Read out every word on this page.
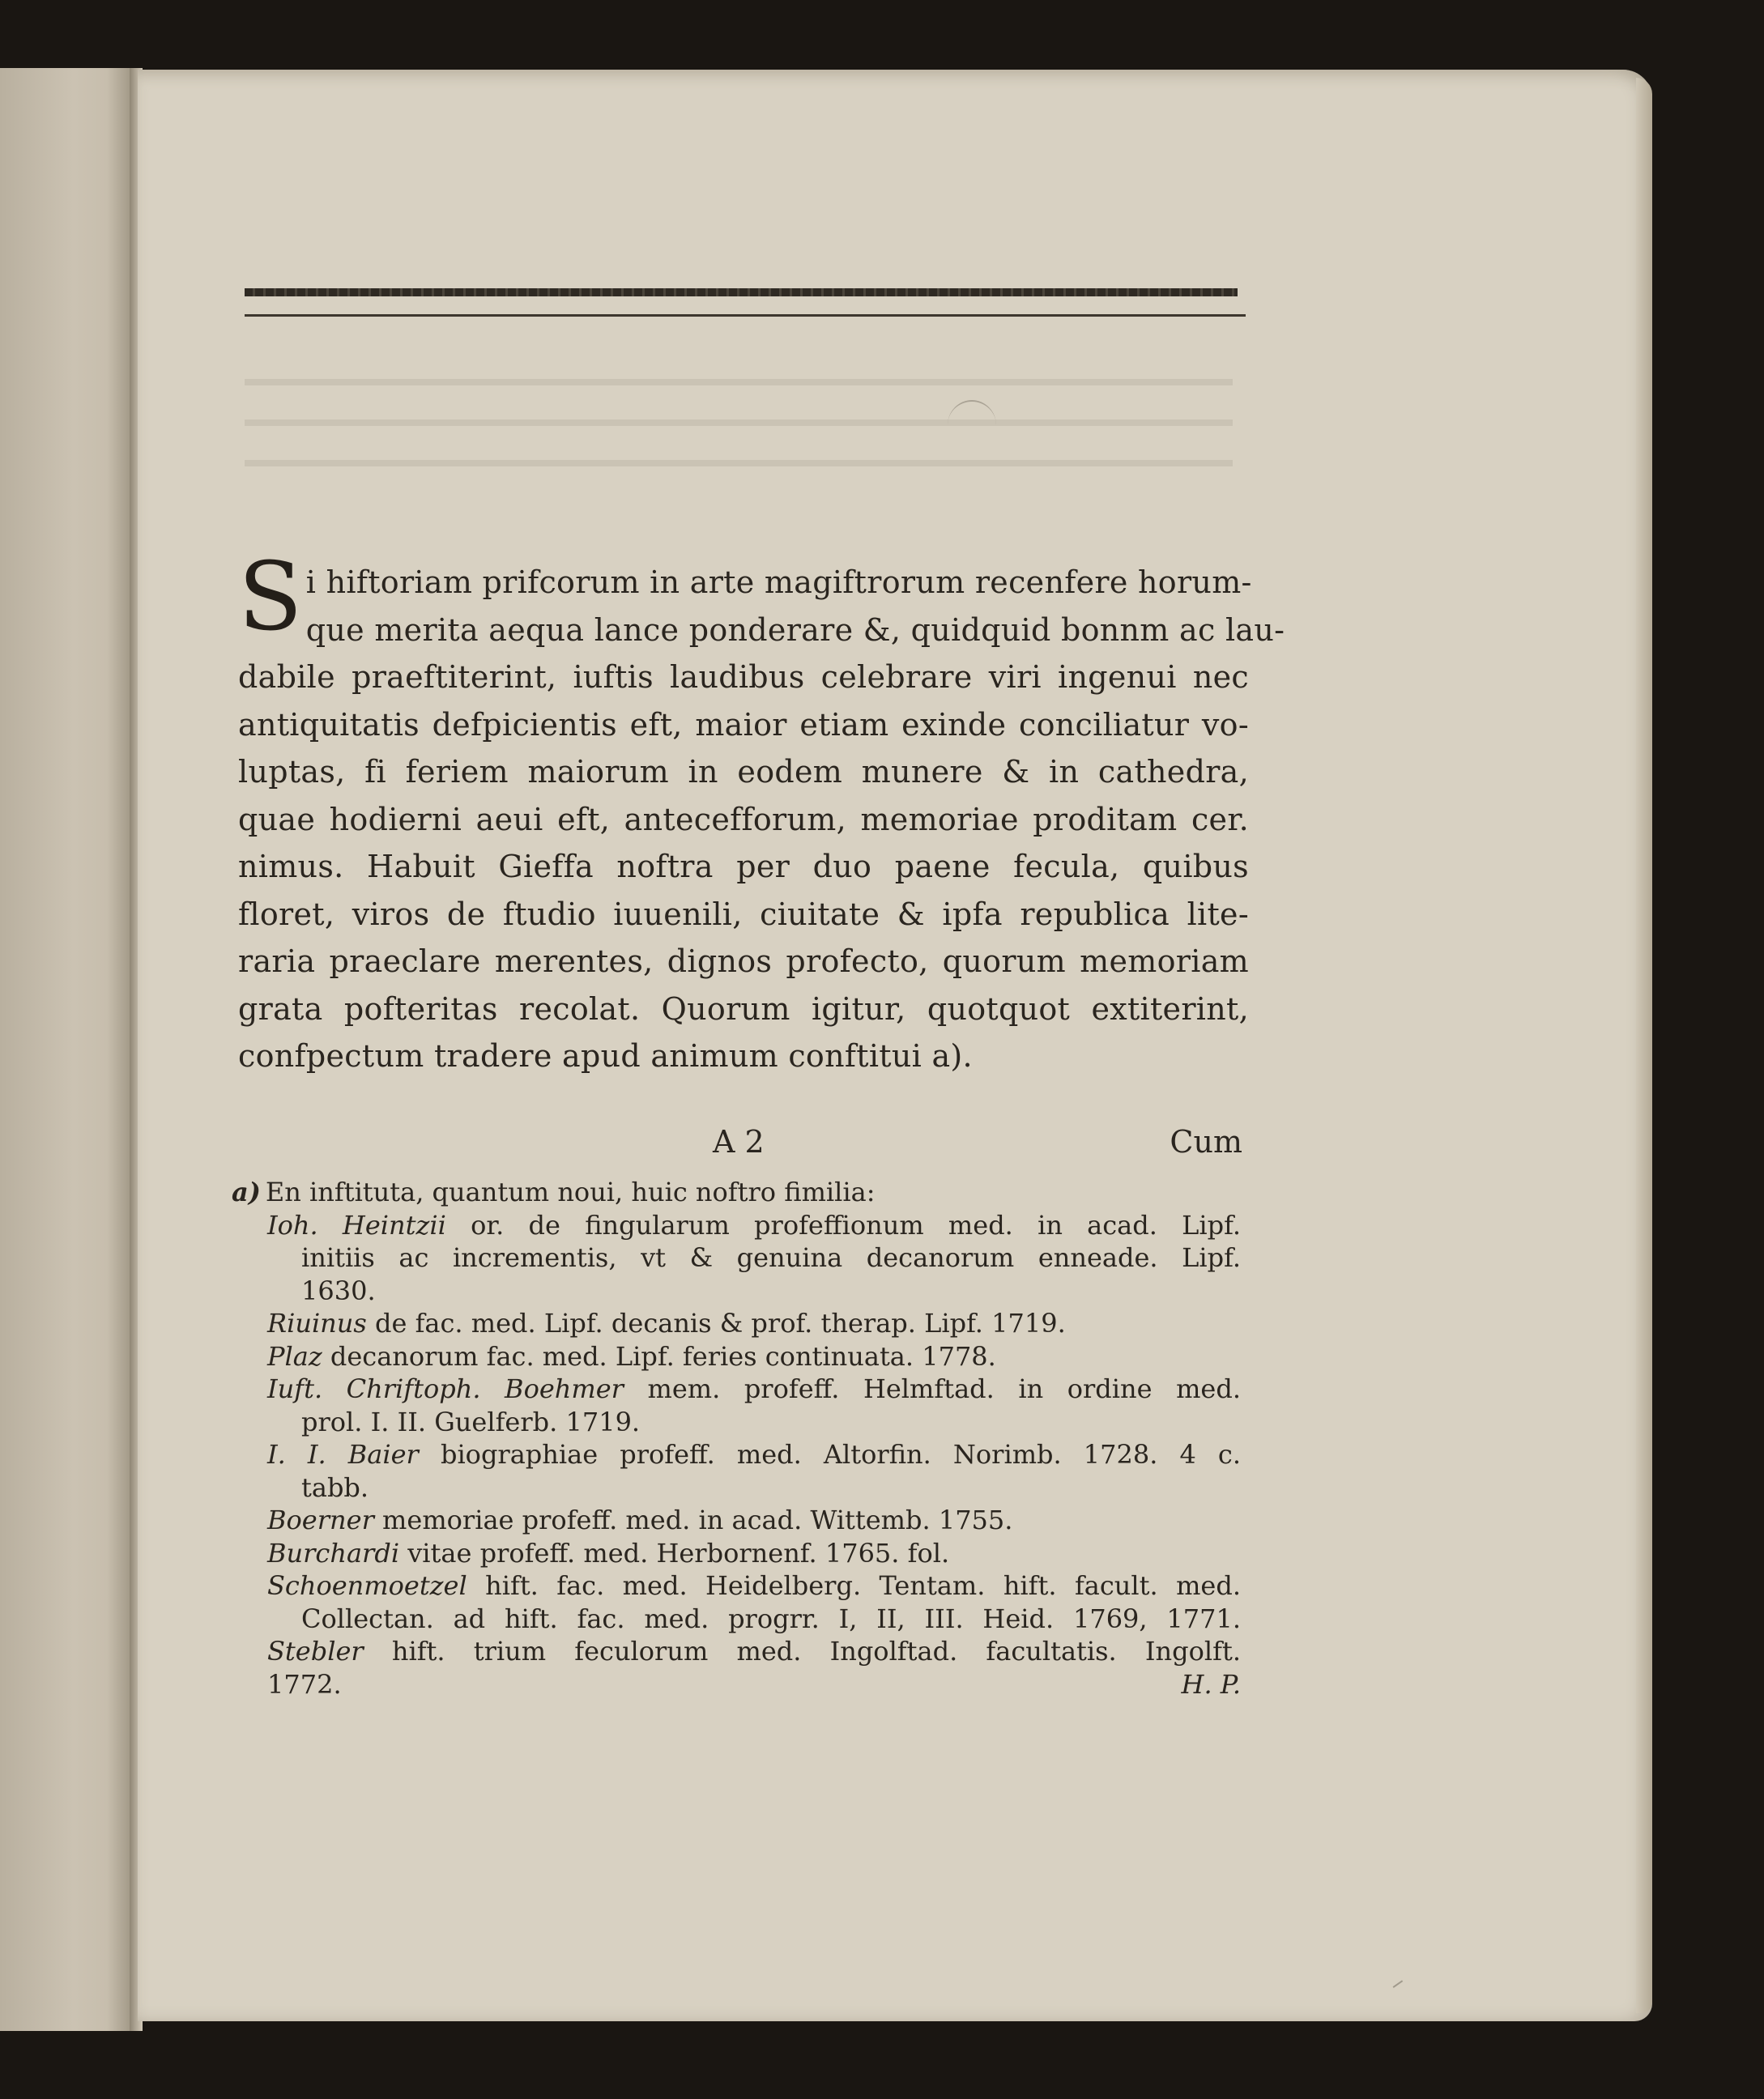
S i hiftoriam prifcorum in arte magiftrorum recenfere horum-
que merita aequa lance ponderare &, quidquid bonnm ac lau-
dabile praeftiterint, iuftis laudibus celebrare viri ingenui nec
antiquitatis defpicientis eft, maior etiam exinde conciliatur vo-
luptas, fi feriem maiorum in eodem munere & in cathedra,
quae hodierni aeui eft, antecefforum, memoriae proditam cer.
nimus. Habuit Gieffa noftra per duo paene fecula, quibus
floret, viros de ftudio iuuenili, ciuitate & ipfa republica lite-
raria praeclare merentes, dignos profecto, quorum memoriam
grata pofteritas recolat. Quorum igitur, quotquot extiterint,
confpectum tradere apud animum conftitui a).
A 2	Cum
a) En inftituta, quantum noui, huic noftro fimilia:
Ioh. Heintzii or. de fingularum profeffionum med. in acad. Lipf.
initiis ac incrementis, vt & genuina decanorum enneade. Lipf.
1630.
Riuinus de fac. med. Lipf. decanis & prof. therap. Lipf. 1719.
Plaz decanorum fac. med. Lipf. feries continuata. 1778.
Iuft. Chriftoph. Boehmer mem. profeff. Helmftad. in ordine med.
prol. I. II. Guelferb. 1719.
I. I. Baier biographiae profeff. med. Altorfin. Norimb. 1728. 4 c.
tabb.
Boerner memoriae profeff. med. in acad. Wittemb. 1755.
Burchardi vitae profeff. med. Herbornenf. 1765. fol.
Schoenmoetzel hift. fac. med. Heidelberg. Tentam. hift. facult. med.
Collectan. ad hift. fac. med. progrr. I, II, III. Heid. 1769, 1771.
Stebler hift. trium feculorum med. Ingolftad. facultatis. Ingolft.
1772.	H. P.
